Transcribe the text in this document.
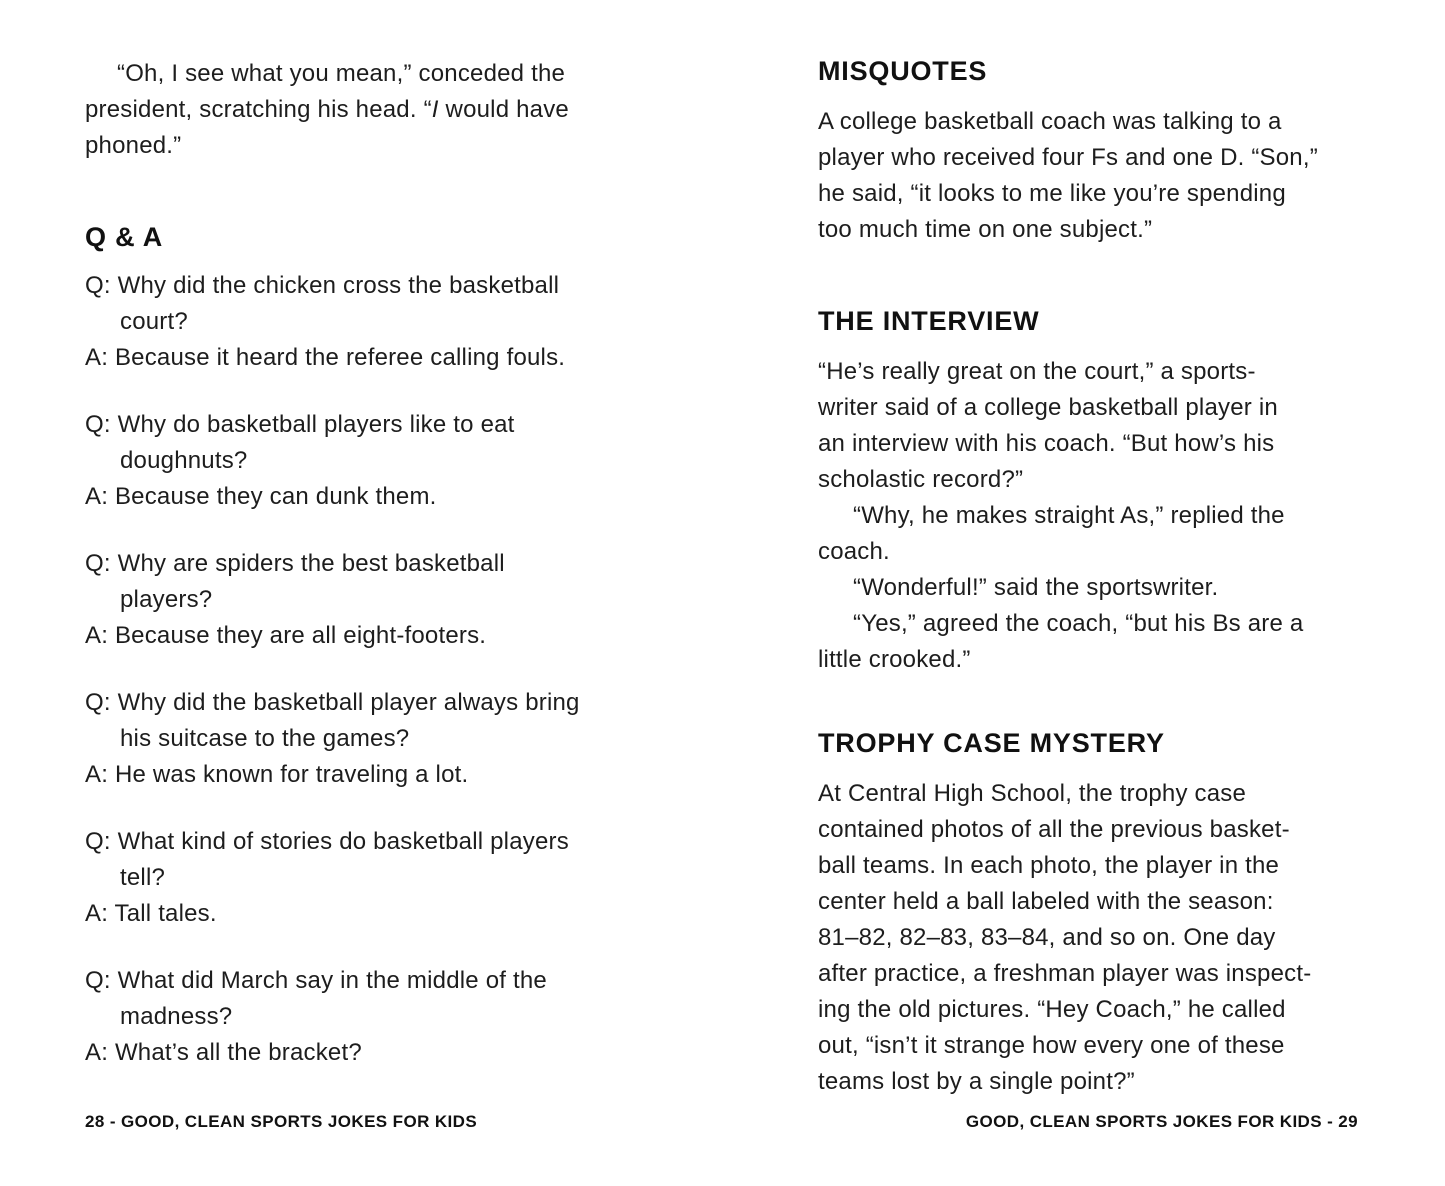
“Oh, I see what you mean,” conceded the
president, scratching his head. “I would have
phoned.”
Q & A
Q: Why did the chicken cross the basketball
court?
A: Because it heard the referee calling fouls.
Q: Why do basketball players like to eat
doughnuts?
A: Because they can dunk them.
Q: Why are spiders the best basketball
players?
A: Because they are all eight-footers.
Q: Why did the basketball player always bring
his suitcase to the games?
A: He was known for traveling a lot.
Q: What kind of stories do basketball players
tell?
A: Tall tales.
Q: What did March say in the middle of the
madness?
A: What’s all the bracket?
MISQUOTES
A college basketball coach was talking to a
player who received four Fs and one D. “Son,”
he said, “it looks to me like you’re spending
too much time on one subject.”
THE INTERVIEW
“He’s really great on the court,” a sports-
writer said of a college basketball player in
an interview with his coach. “But how’s his
scholastic record?”
“Why, he makes straight As,” replied the
coach.
“Wonderful!” said the sportswriter.
“Yes,” agreed the coach, “but his Bs are a
little crooked.”
TROPHY CASE MYSTERY
At Central High School, the trophy case
contained photos of all the previous basket-
ball teams. In each photo, the player in the
center held a ball labeled with the season:
81–82, 82–83, 83–84, and so on. One day
after practice, a freshman player was inspect-
ing the old pictures. “Hey Coach,” he called
out, “isn’t it strange how every one of these
teams lost by a single point?”
28 - GOOD, CLEAN SPORTS JOKES FOR KIDS	GOOD, CLEAN SPORTS JOKES FOR KIDS - 29
